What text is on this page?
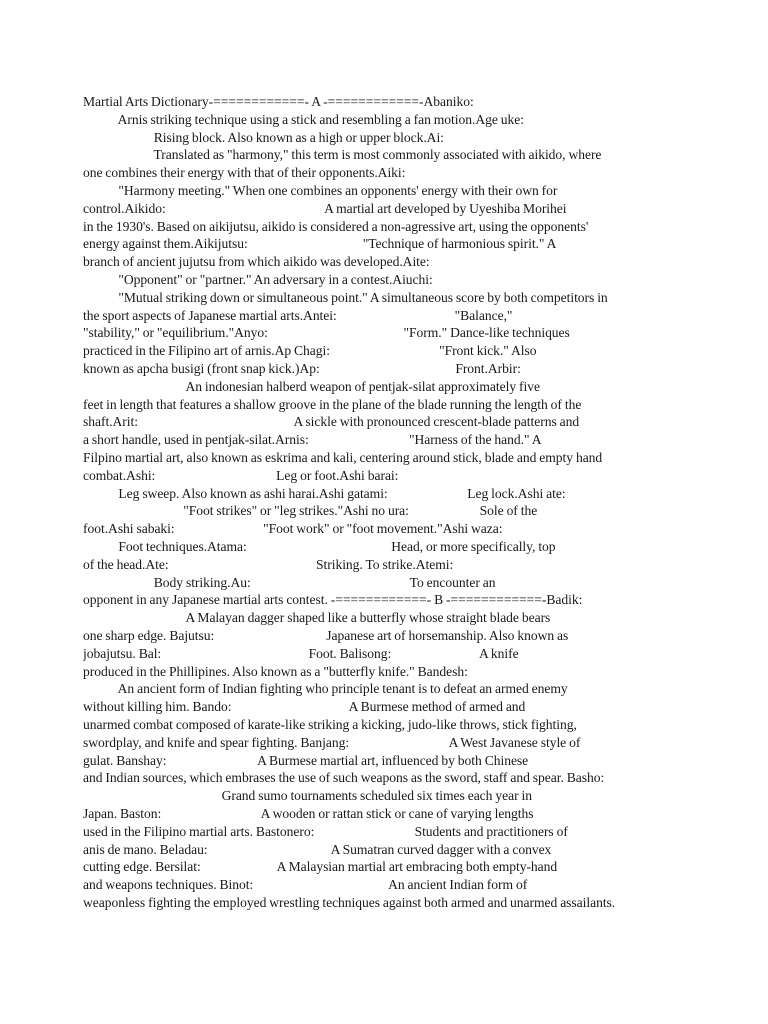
Martial Arts Dictionary-============- A -============-Abaniko:
Arnis striking technique using a stick and resembling a fan motion.Age uke:
Rising block. Also known as a high or upper block.Ai:
Translated as "harmony," this term is most commonly associated with aikido, where
one combines their energy with that of their opponents.Aiki:
"Harmony meeting." When one combines an opponents' energy with their own for
control.Aikido:                                                      A martial art developed by Uyeshiba Morihei
in the 1930's. Based on aikijutsu, aikido is considered a non-agressive art, using the opponents'
energy against them.Aikijutsu:                                       "Technique of harmonious spirit." A
branch of ancient jujutsu from which aikido was developed.Aite:
"Opponent" or "partner." An adversary in a contest.Aiuchi:
"Mutual striking down or simultaneous point." A simultaneous score by both competitors in
the sport aspects of Japanese martial arts.Antei:                                        "Balance,"
"stability," or "equilibrium."Anyo:                                              "Form." Dance-like techniques
practiced in the Filipino art of arnis.Ap Chagi:                                     "Front kick." Also
known as apcha busigi (front snap kick.)Ap:                                              Front.Arbir:
An indonesian halberd weapon of pentjak-silat approximately five
feet in length that features a shallow groove in the plane of the blade running the length of the
shaft.Arit:                                                     A sickle with pronounced crescent-blade patterns and
a short handle, used in pentjak-silat.Arnis:                                  "Harness of the hand." A
Filpino martial art, also known as eskrima and kali, centering around stick, blade and empty hand
combat.Ashi:                                         Leg or foot.Ashi barai:
Leg sweep. Also known as ashi harai.Ashi gatami:                           Leg lock.Ashi ate:
"Foot strikes" or "leg strikes."Ashi no ura:                        Sole of the
foot.Ashi sabaki:                              "Foot work" or "foot movement."Ashi waza:
Foot techniques.Atama:                                                 Head, or more specifically, top
of the head.Ate:                                                  Striking. To strike.Atemi:
Body striking.Au:                                                      To encounter an
opponent in any Japanese martial arts contest. -============- B -============-Badik:
A Malayan dagger shaped like a butterfly whose straight blade bears
one sharp edge. Bajutsu:                                      Japanese art of horsemanship. Also known as
jobajutsu. Bal:                                                  Foot. Balisong:                              A knife
produced in the Phillipines. Also known as a "butterfly knife." Bandesh:
An ancient form of Indian fighting who principle tenant is to defeat an armed enemy
without killing him. Bando:                                        A Burmese method of armed and
unarmed combat composed of karate-like striking a kicking, judo-like throws, stick fighting,
swordplay, and knife and spear fighting. Banjang:                                  A West Javanese style of
gulat. Banshay:                               A Burmese martial art, influenced by both Chinese
and Indian sources, which embrases the use of such weapons as the sword, staff and spear. Basho:
Grand sumo tournaments scheduled six times each year in
Japan. Baston:                                  A wooden or rattan stick or cane of varying lengths
used in the Filipino martial arts. Bastonero:                                  Students and practitioners of
anis de mano. Beladau:                                          A Sumatran curved dagger with a convex
cutting edge. Bersilat:                          A Malaysian martial art embracing both empty-hand
and weapons techniques. Binot:                                              An ancient Indian form of
weaponless fighting the employed wrestling techniques against both armed and unarmed assailants.
